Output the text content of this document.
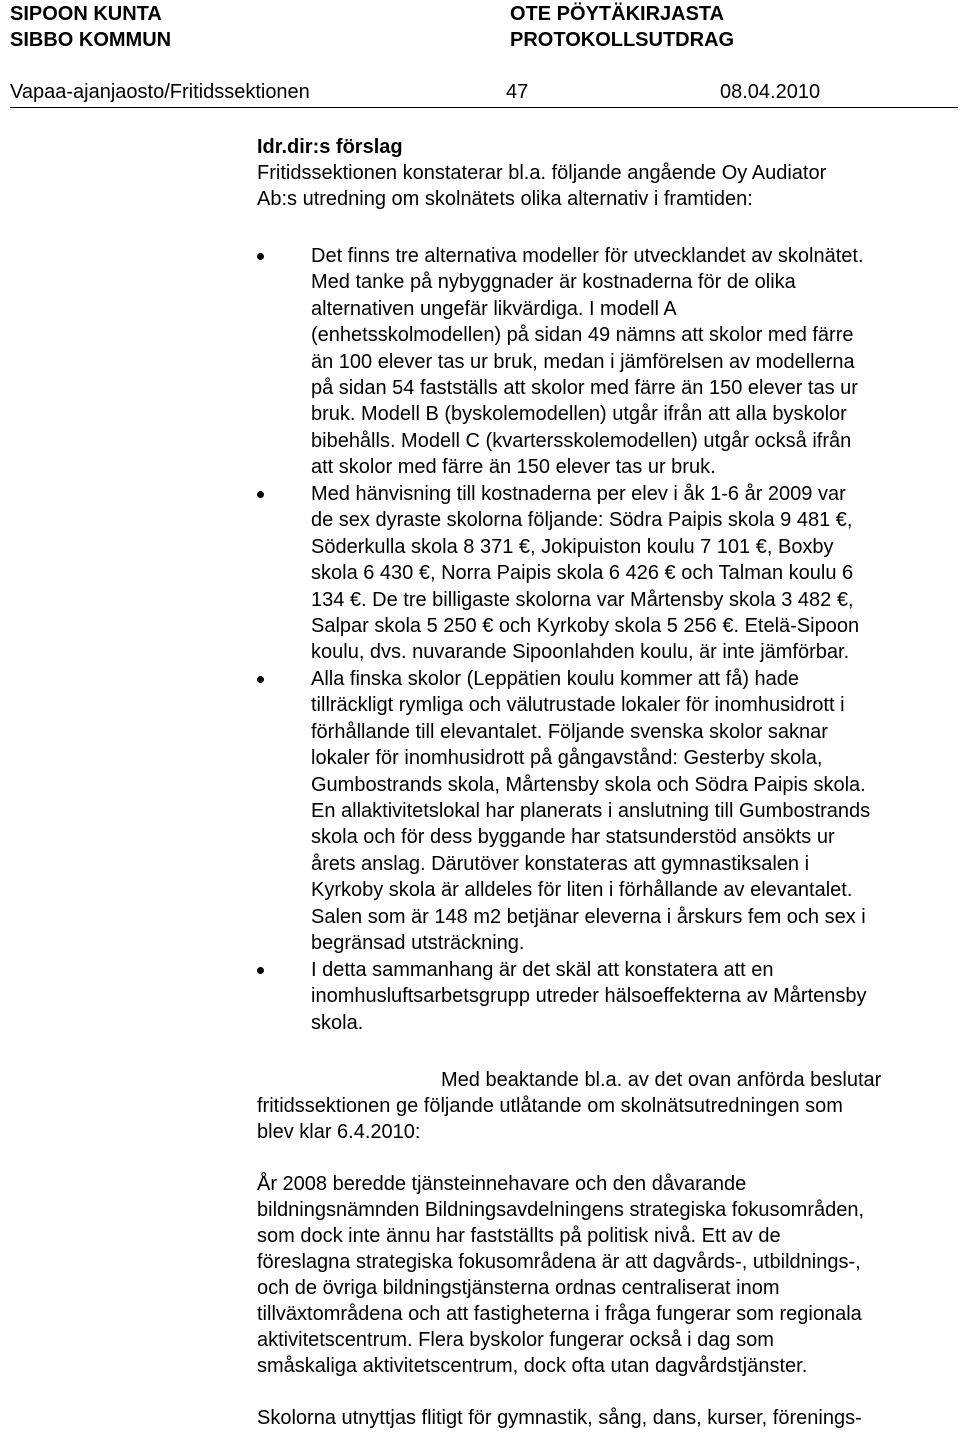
SIPOON KUNTA
SIBBO KOMMUN
OTE PÖYTÄKIRJASTA
PROTOKOLLSUTDRAG
Vapaa-ajanjaosto/Fritidssektionen	47	08.04.2010
Idr.dir:s förslag
Fritidssektionen konstaterar bl.a. följande angående Oy Audiator
Ab:s utredning om skolnätets olika alternativ i framtiden:
Det finns tre alternativa modeller för utvecklandet av skolnätet.
Med tanke på nybyggnader är kostnaderna för de olika
alternativen ungefär likvärdiga. I modell A
(enhetsskolmodellen) på sidan 49 nämns att skolor med färre
än 100 elever tas ur bruk, medan i jämförelsen av modellerna
på sidan 54 fastställs att skolor med färre än 150 elever tas ur
bruk. Modell B (byskolemodellen) utgår ifrån att alla byskolor
bibehålls. Modell C (kvartersskolemodellen) utgår också ifrån
att skolor med färre än 150 elever tas ur bruk.
Med hänvisning till kostnaderna per elev i åk 1-6 år 2009 var
de sex dyraste skolorna följande: Södra Paipis skola 9 481 €,
Söderkulla skola 8 371 €, Jokipuiston koulu 7 101 €, Boxby
skola 6 430 €, Norra Paipis skola 6 426 € och Talman koulu 6
134 €. De tre billigaste skolorna var Mårtensby skola 3 482 €,
Salpar skola 5 250 € och Kyrkoby skola 5 256 €. Etelä-Sipoon
koulu, dvs. nuvarande Sipoonlahden koulu, är inte jämförbar.
Alla finska skolor (Leppätien koulu kommer att få) hade
tillräckligt rymliga och välutrustade lokaler för inomhusidrott i
förhållande till elevantalet. Följande svenska skolor saknar
lokaler för inomhusidrott på gångavstånd: Gesterby skola,
Gumbostrands skola, Mårtensby skola och Södra Paipis skola.
En allaktivitetslokal har planerats i anslutning till Gumbostrands
skola och för dess byggande har statsunderstöd ansökts ur
årets anslag. Därutöver konstateras att gymnastiksalen i
Kyrkoby skola är alldeles för liten i förhållande av elevantalet.
Salen som är 148 m2 betjänar eleverna i årskurs fem och sex i
begränsad utsträckning.
I detta sammanhang är det skäl att konstatera att en
inomhusluftsarbetsgrupp utreder hälsoeffekterna av Mårtensby
skola.
Med beaktande bl.a. av det ovan anförda beslutar
fritidssektionen ge följande utlåtande om skolnätsutredningen som
blev klar 6.4.2010:
År 2008 beredde tjänsteinnehavare och den dåvarande
bildningsnämnden Bildningsavdelningens strategiska fokusområden,
som dock inte ännu har fastställts på politisk nivå. Ett av de
föreslagna strategiska fokusområdena är att dagvårds-, utbildnings-,
och de övriga bildningstjänsterna ordnas centraliserat inom
tillväxtområdena och att fastigheterna i fråga fungerar som regionala
aktivitetscentrum. Flera byskolor fungerar också i dag som
småskaliga aktivitetscentrum, dock ofta utan dagvårdstjänster.
Skolorna utnyttjas flitigt för gymnastik, sång, dans, kurser, förenings-
